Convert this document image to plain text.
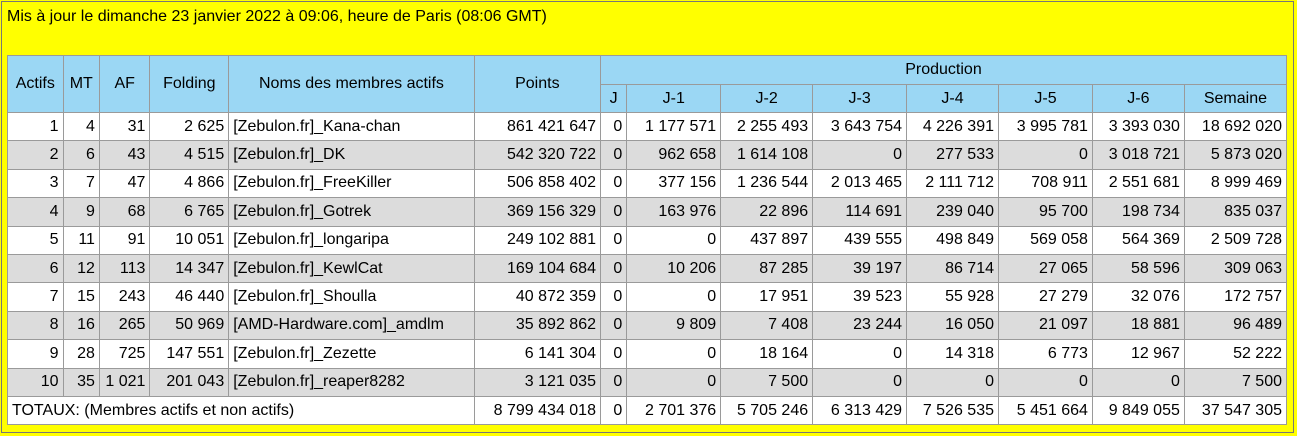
Mis à jour le dimanche 23 janvier 2022 à 09:06, heure de Paris (08:06 GMT)
Actifs	MT	AF	Folding	Noms des membres actifs	Points	Production							
						J	J-1	J-2	J-3	J-4	J-5	J-6	Semaine
1	4	31	2 625	[Zebulon.fr]_Kana-chan	861 421 647	0	1 177 571	2 255 493	3 643 754	4 226 391	3 995 781	3 393 030	18 692 020
2	6	43	4 515	[Zebulon.fr]_DK	542 320 722	0	962 658	1 614 108	0	277 533	0	3 018 721	5 873 020
3	7	47	4 866	[Zebulon.fr]_FreeKiller	506 858 402	0	377 156	1 236 544	2 013 465	2 111 712	708 911	2 551 681	8 999 469
4	9	68	6 765	[Zebulon.fr]_Gotrek	369 156 329	0	163 976	22 896	114 691	239 040	95 700	198 734	835 037
5	11	91	10 051	[Zebulon.fr]_longaripa	249 102 881	0	0	437 897	439 555	498 849	569 058	564 369	2 509 728
6	12	113	14 347	[Zebulon.fr]_KewlCat	169 104 684	0	10 206	87 285	39 197	86 714	27 065	58 596	309 063
7	15	243	46 440	[Zebulon.fr]_Shoulla	40 872 359	0	0	17 951	39 523	55 928	27 279	32 076	172 757
8	16	265	50 969	[AMD-Hardware.com]_amdlm	35 892 862	0	9 809	7 408	23 244	16 050	21 097	18 881	96 489
9	28	725	147 551	[Zebulon.fr]_Zezette	6 141 304	0	0	18 164	0	14 318	6 773	12 967	52 222
10	35	1 021	201 043	[Zebulon.fr]_reaper8282	3 121 035	0	0	7 500	0	0	0	0	7 500
TOTAUX: (Membres actifs et non actifs)					8 799 434 018	0	2 701 376	5 705 246	6 313 429	7 526 535	5 451 664	9 849 055	37 547 305
